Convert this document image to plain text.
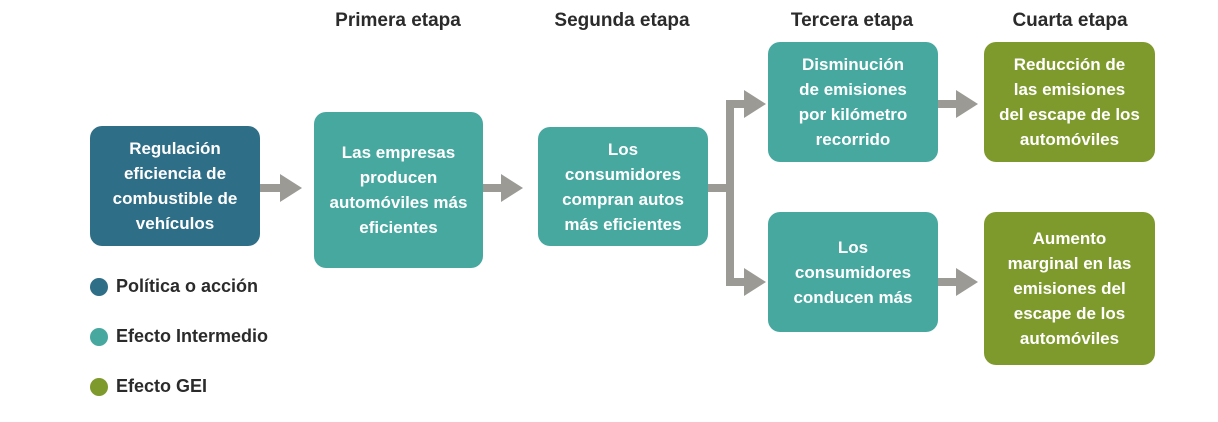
Primera etapa	Segunda etapa	Tercera etapa	Cuarta etapa
Regulación
eficiencia de
combustible de
vehículos
Las empresas
producen
automóviles más
eficientes
Los
consumidores
compran autos
más eficientes
Disminución
de emisiones
por kilómetro
recorrido
Los
consumidores
conducen más
Reducción de
las emisiones
del escape de los
automóviles
Aumento
marginal en las
emisiones del
escape de los
automóviles
Política o acción
Efecto Intermedio
Efecto GEI
